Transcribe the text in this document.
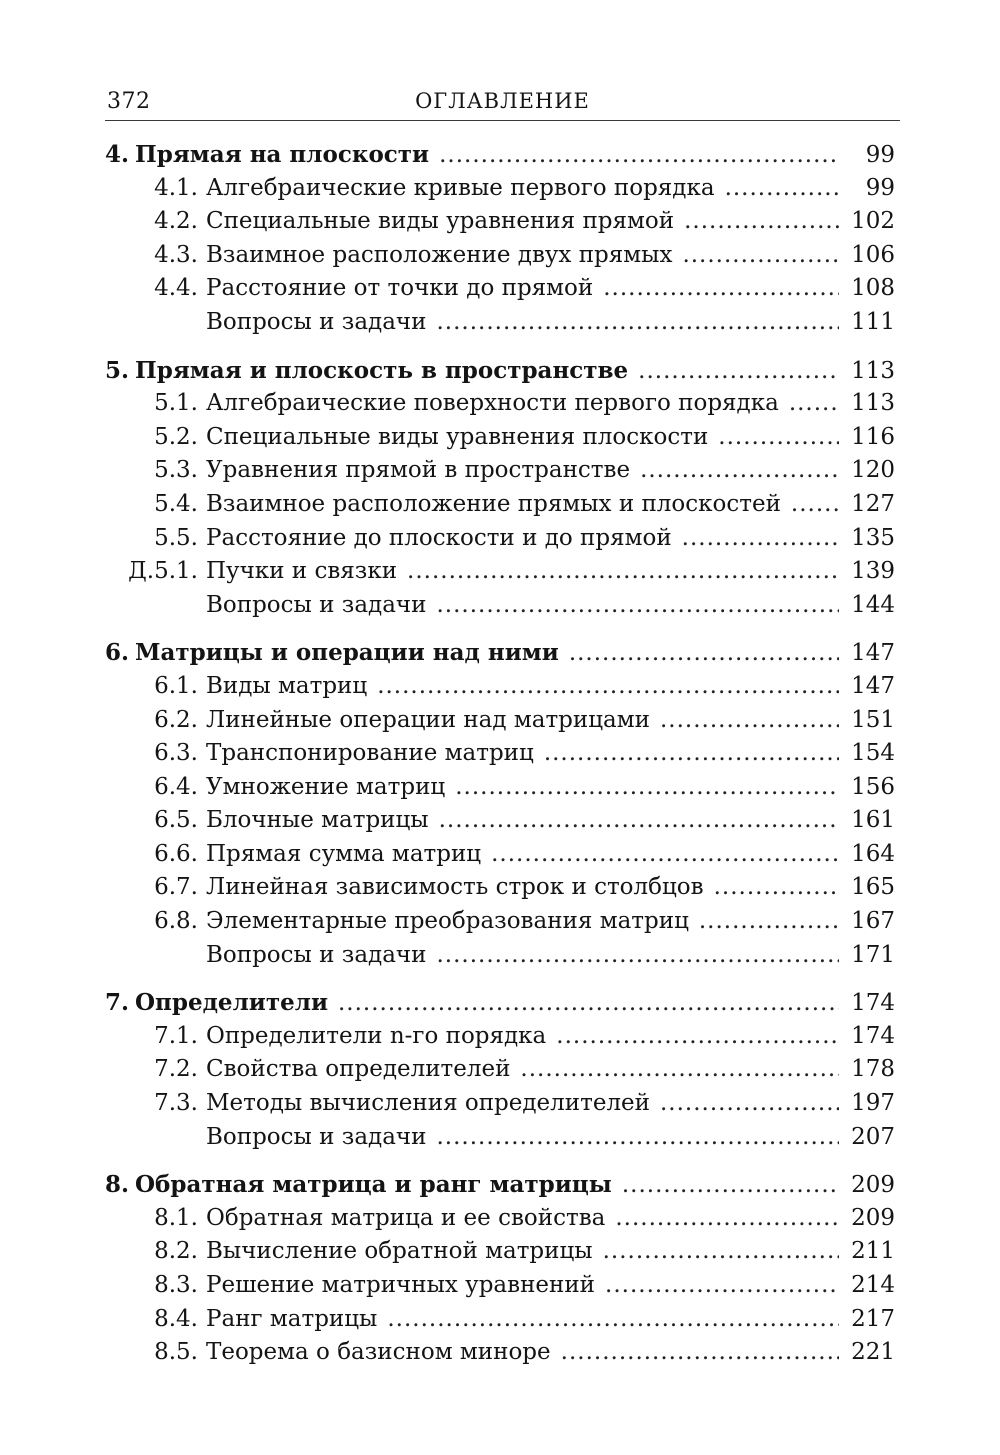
372	ОГЛАВЛЕНИЕ
4. Прямая на плоскости .....	99
4.1. Алгебраические кривые первого порядка .....	99
4.2. Специальные виды уравнения прямой .....	102
4.3. Взаимное расположение двух прямых .....	106
4.4. Расстояние от точки до прямой .....	108
Вопросы и задачи .....	111
5. Прямая и плоскость в пространстве .....	113
5.1. Алгебраические поверхности первого порядка .....	113
5.2. Специальные виды уравнения плоскости .....	116
5.3. Уравнения прямой в пространстве .....	120
5.4. Взаимное расположение прямых и плоскостей .....	127
5.5. Расстояние до плоскости и до прямой .....	135
Д.5.1. Пучки и связки .....	139
Вопросы и задачи .....	144
6. Матрицы и операции над ними .....	147
6.1. Виды матриц .....	147
6.2. Линейные операции над матрицами .....	151
6.3. Транспонирование матриц .....	154
6.4. Умножение матриц .....	156
6.5. Блочные матрицы .....	161
6.6. Прямая сумма матриц .....	164
6.7. Линейная зависимость строк и столбцов .....	165
6.8. Элементарные преобразования матриц .....	167
Вопросы и задачи .....	171
7. Определители .....	174
7.1. Определители n-го порядка .....	174
7.2. Свойства определителей .....	178
7.3. Методы вычисления определителей .....	197
Вопросы и задачи .....	207
8. Обратная матрица и ранг матрицы .....	209
8.1. Обратная матрица и ее свойства .....	209
8.2. Вычисление обратной матрицы .....	211
8.3. Решение матричных уравнений .....	214
8.4. Ранг матрицы .....	217
8.5. Теорема о базисном миноре .....	221
